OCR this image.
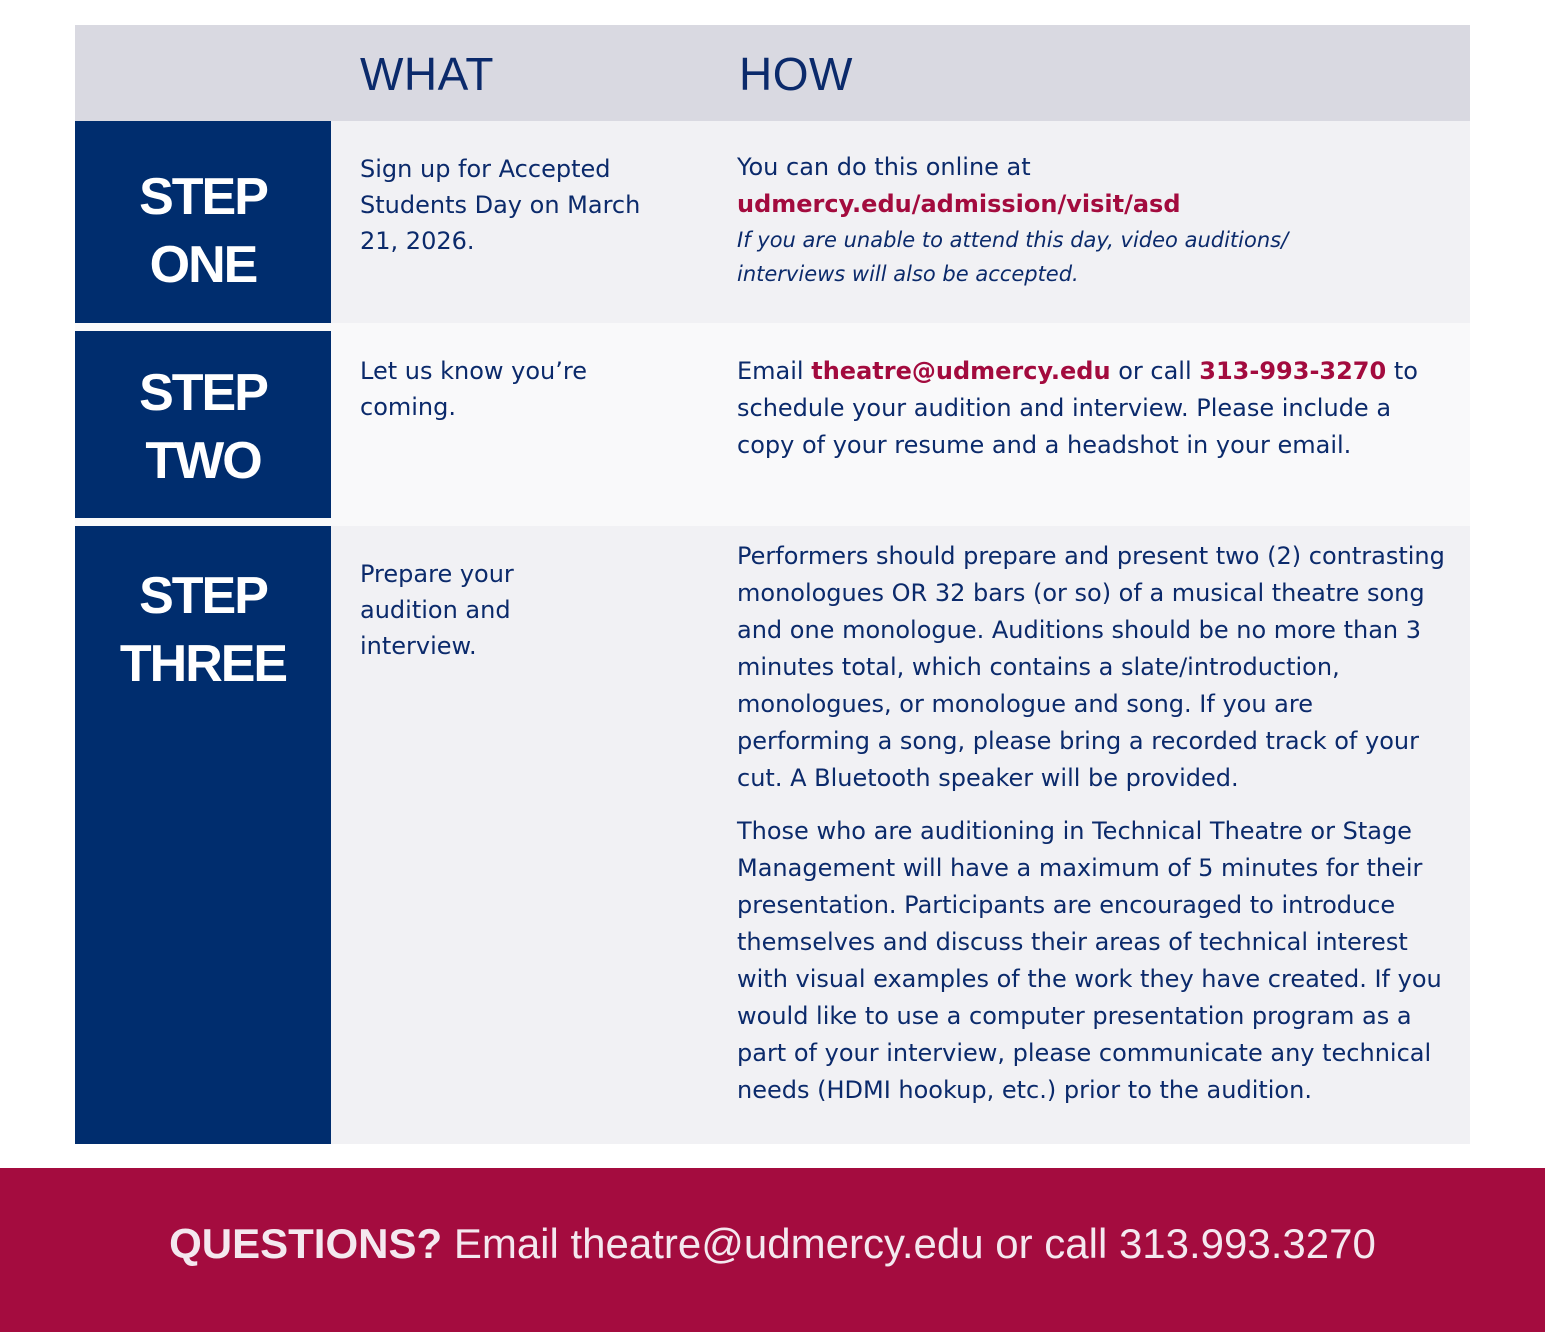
WHAT	HOW
STEP
ONE
Sign up for Accepted Students Day on March 21, 2026.
You can do this online at
udmercy.edu/admission/visit/asd
If you are unable to attend this day, video auditions/ interviews will also be accepted.
STEP
TWO
Let us know you’re coming.
Email theatre@udmercy.edu or call 313-993-3270 to schedule your audition and interview. Please include a copy of your resume and a headshot in your email.
STEP
THREE
Prepare your audition and interview.
Performers should prepare and present two (2) contrasting monologues OR 32 bars (or so) of a musical theatre song and one monologue. Auditions should be no more than 3 minutes total, which contains a slate/introduction, monologues, or monologue and song. If you are performing a song, please bring a recorded track of your cut. A Bluetooth speaker will be provided.
Those who are auditioning in Technical Theatre or Stage Management will have a maximum of 5 minutes for their presentation. Participants are encouraged to introduce themselves and discuss their areas of technical interest with visual examples of the work they have created. If you would like to use a computer presentation program as a part of your interview, please communicate any technical needs (HDMI hookup, etc.) prior to the audition.
QUESTIONS? Email theatre@udmercy.edu or call 313.993.3270
